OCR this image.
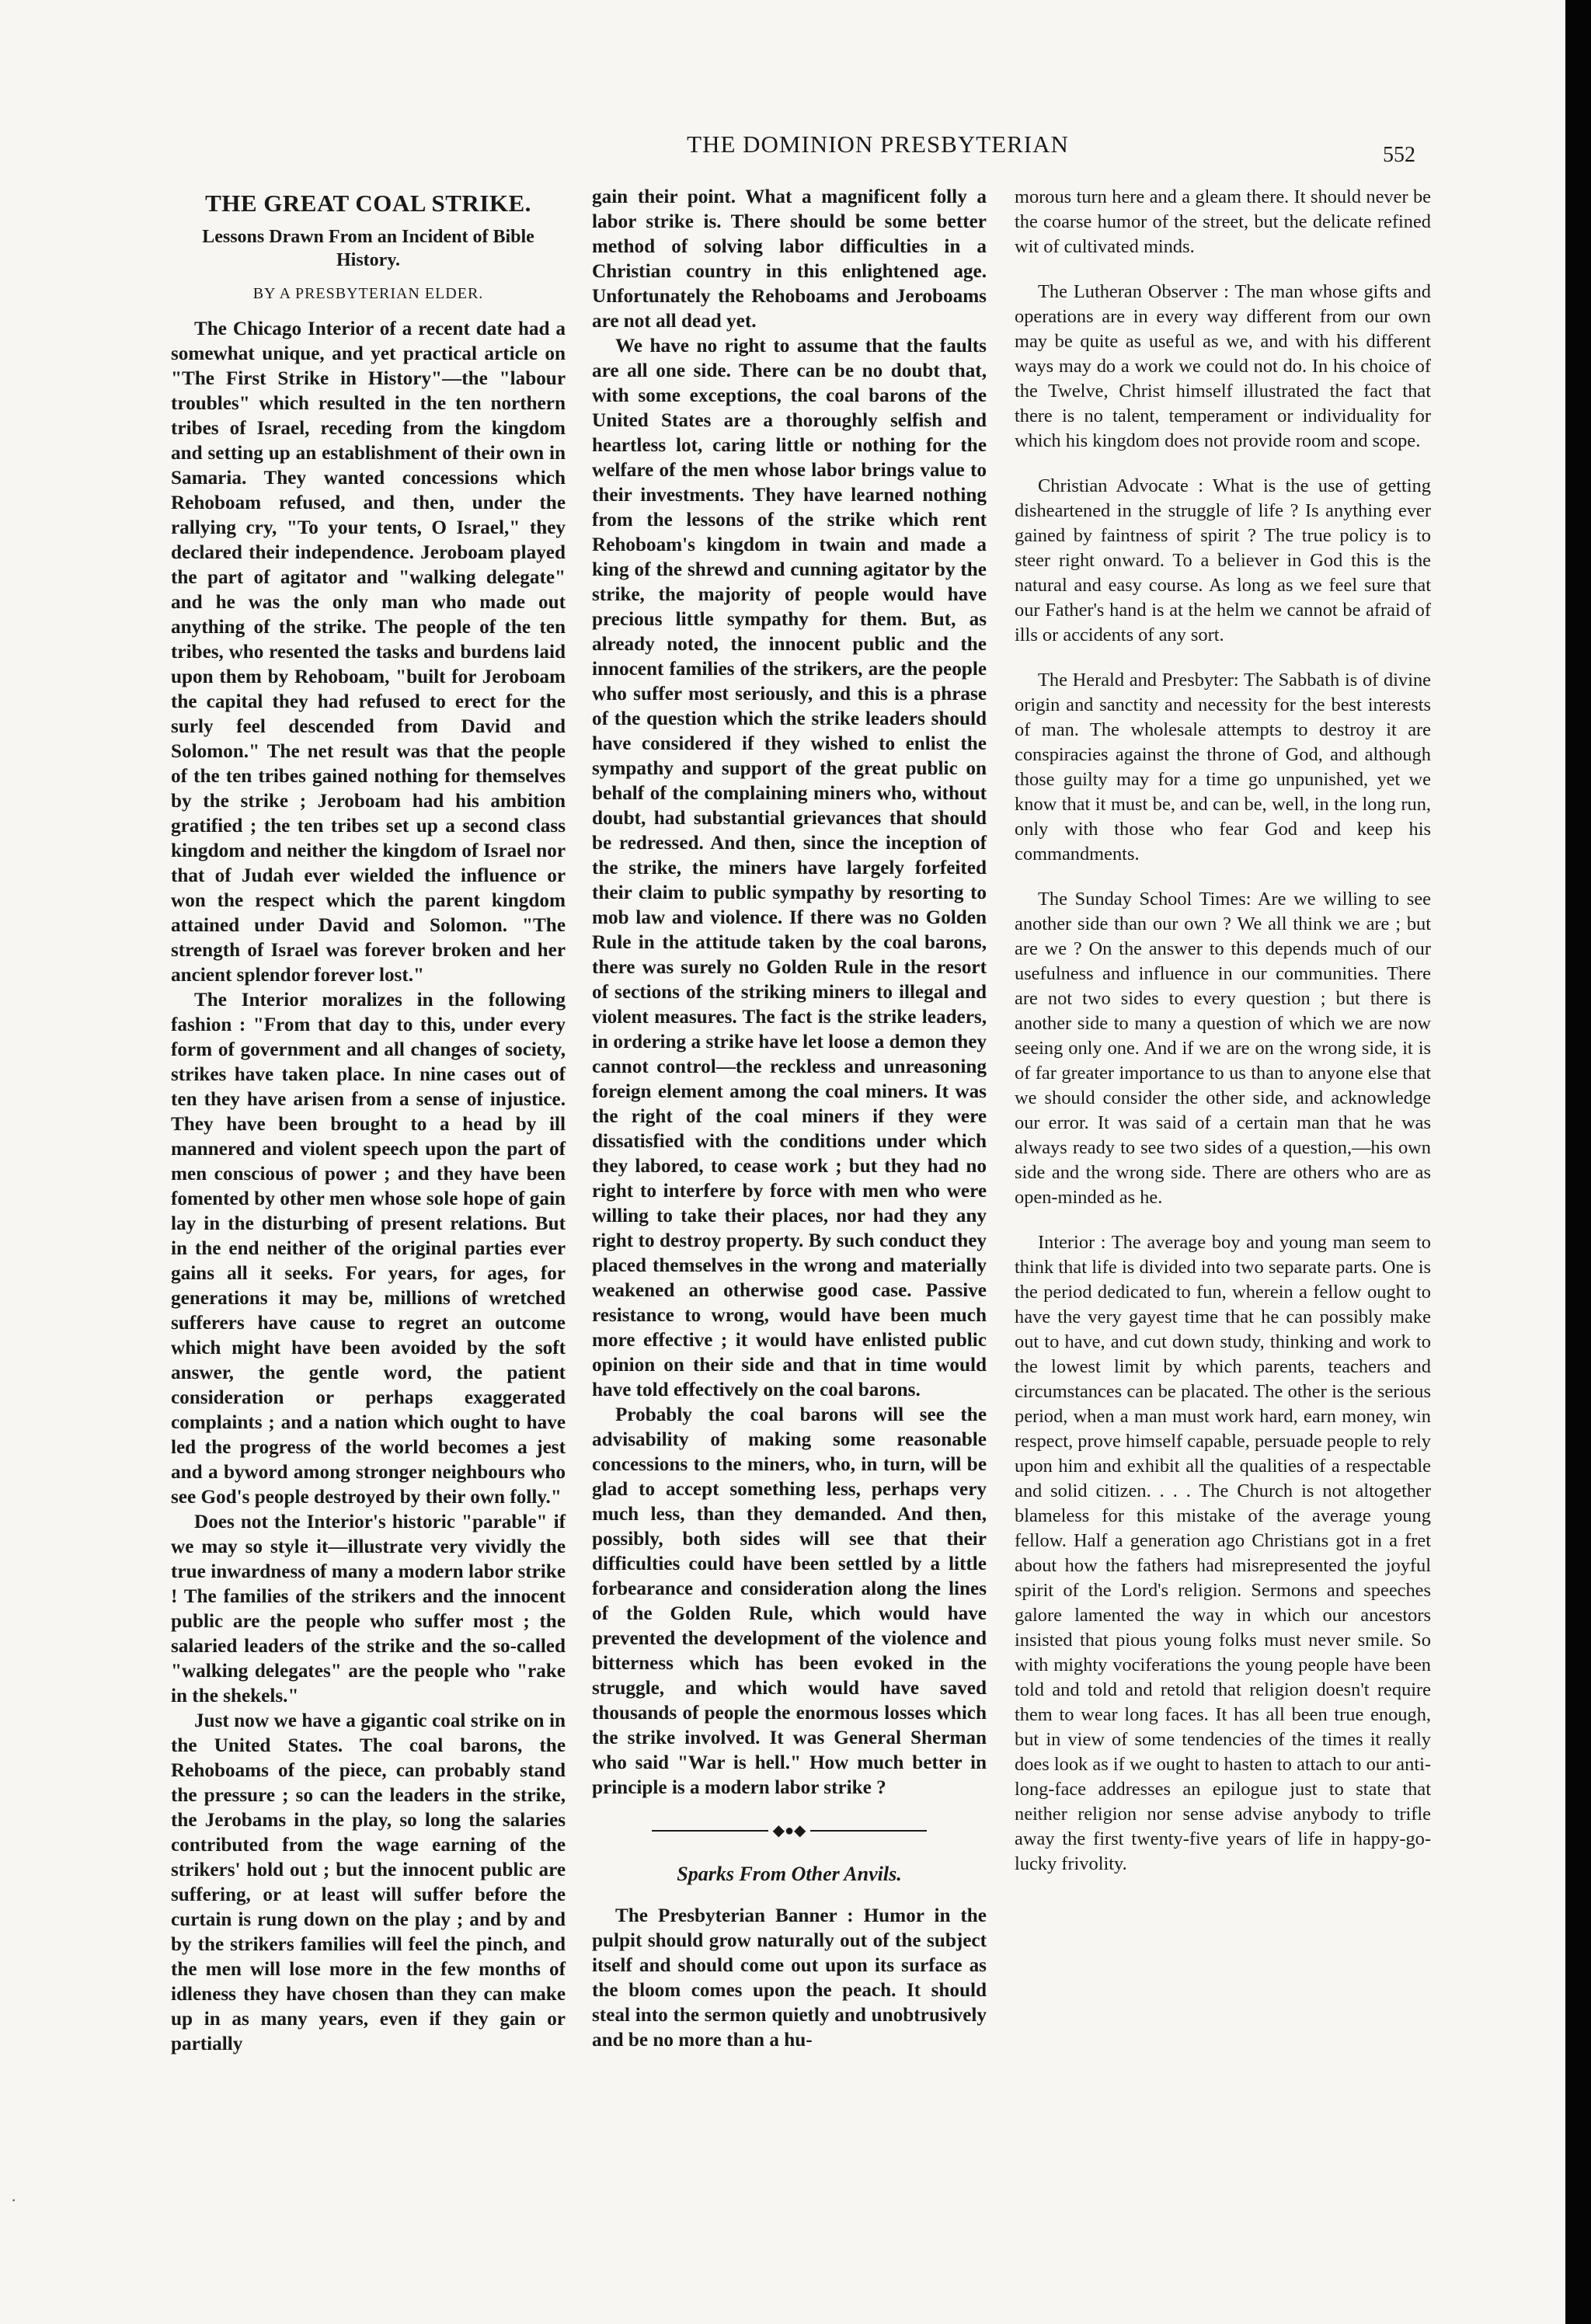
THE DOMINION PRESBYTERIAN	552
THE GREAT COAL STRIKE.
Lessons Drawn From an Incident of Bible History.
BY A PRESBYTERIAN ELDER.

The Chicago Interior of a recent date had a somewhat unique, and yet practical article on "The First Strike in History"—the "labour troubles" which resulted in the ten northern tribes of Israel, receding from the kingdom and setting up an establishment of their own in Samaria. They wanted concessions which Rehoboam refused, and then, under the rallying cry, "To your tents, O Israel," they declared their independence. Jeroboam played the part of agitator and "walking delegate" and he was the only man who made out anything of the strike. The people of the ten tribes, who resented the tasks and burdens laid upon them by Rehoboam, "built for Jeroboam the capital they had refused to erect for the surly feel descended from David and Solomon." The net result was that the people of the ten tribes gained nothing for themselves by the strike ; Jeroboam had his ambition gratified ; the ten tribes set up a second class kingdom and neither the kingdom of Israel nor that of Judah ever wielded the influence or won the respect which the parent kingdom attained under David and Solomon. "The strength of Israel was forever broken and her ancient splendor forever lost."

The Interior moralizes in the following fashion : "From that day to this, under every form of government and all changes of society, strikes have taken place. In nine cases out of ten they have arisen from a sense of injustice. They have been brought to a head by ill mannered and violent speech upon the part of men conscious of power ; and they have been fomented by other men whose sole hope of gain lay in the disturbing of present relations. But in the end neither of the original parties ever gains all it seeks. For years, for ages, for generations it may be, millions of wretched sufferers have cause to regret an outcome which might have been avoided by the soft answer, the gentle word, the patient consideration or perhaps exaggerated complaints ; and a nation which ought to have led the progress of the world becomes a jest and a byword among stronger neighbours who see God's people destroyed by their own folly."

Does not the Interior's historic "parable" if we may so style it—illustrate very vividly the true inwardness of many a modern labor strike ! The families of the strikers and the innocent public are the people who suffer most ; the salaried leaders of the strike and the so-called "walking delegates" are the people who "rake in the shekels."

Just now we have a gigantic coal strike on in the United States. The coal barons, the Rehoboams of the piece, can probably stand the pressure ; so can the leaders in the strike, the Jerobams in the play, so long the salaries contributed from the wage earning of the strikers' hold out ; but the innocent public are suffering, or at least will suffer before the curtain is rung down on the play ; and by and by the strikers families will feel the pinch, and the men will lose more in the few months of idleness they have chosen than they can make up in as many years, even if they gain or partially

gain their point. What a magnificent folly a labor strike is. There should be some better method of solving labor difficulties in a Christian country in this enlightened age. Unfortunately the Rehoboams and Jeroboams are not all dead yet.

We have no right to assume that the faults are all one side. There can be no doubt that, with some exceptions, the coal barons of the United States are a thoroughly selfish and heartless lot, caring little or nothing for the welfare of the men whose labor brings value to their investments. They have learned nothing from the lessons of the strike which rent Rehoboam's kingdom in twain and made a king of the shrewd and cunning agitator by the strike, the majority of people would have precious little sympathy for them. But, as already noted, the innocent public and the innocent families of the strikers, are the people who suffer most seriously, and this is a phrase of the question which the strike leaders should have considered if they wished to enlist the sympathy and support of the great public on behalf of the complaining miners who, without doubt, had substantial grievances that should be redressed. And then, since the inception of the strike, the miners have largely forfeited their claim to public sympathy by resorting to mob law and violence. If there was no Golden Rule in the attitude taken by the coal barons, there was surely no Golden Rule in the resort of sections of the striking miners to illegal and violent measures. The fact is the strike leaders, in ordering a strike have let loose a demon they cannot control—the reckless and unreasoning foreign element among the coal miners. It was the right of the coal miners if they were dissatisfied with the conditions under which they labored, to cease work ; but they had no right to interfere by force with men who were willing to take their places, nor had they any right to destroy property. By such conduct they placed themselves in the wrong and materially weakened an otherwise good case. Passive resistance to wrong, would have been much more effective ; it would have enlisted public opinion on their side and that in time would have told effectively on the coal barons.

Probably the coal barons will see the advisability of making some reasonable concessions to the miners, who, in turn, will be glad to accept something less, perhaps very much less, than they demanded. And then, possibly, both sides will see that their difficulties could have been settled by a little forbearance and consideration along the lines of the Golden Rule, which would have prevented the development of the violence and bitterness which has been evoked in the struggle, and which would have saved thousands of people the enormous losses which the strike involved. It was General Sherman who said "War is hell." How much better in principle is a modern labor strike ?

◆●◆
Sparks From Other Anvils.

The Presbyterian Banner : Humor in the pulpit should grow naturally out of the subject itself and should come out upon its surface as the bloom comes upon the peach. It should steal into the sermon quietly and unobtrusively and be no more than a hu-

morous turn here and a gleam there. It should never be the coarse humor of the street, but the delicate refined wit of cultivated minds.

The Lutheran Observer : The man whose gifts and operations are in every way different from our own may be quite as useful as we, and with his different ways may do a work we could not do. In his choice of the Twelve, Christ himself illustrated the fact that there is no talent, temperament or individuality for which his kingdom does not provide room and scope.

Christian Advocate : What is the use of getting disheartened in the struggle of life ? Is anything ever gained by faintness of spirit ? The true policy is to steer right onward. To a believer in God this is the natural and easy course. As long as we feel sure that our Father's hand is at the helm we cannot be afraid of ills or accidents of any sort.

The Herald and Presbyter: The Sabbath is of divine origin and sanctity and necessity for the best interests of man. The wholesale attempts to destroy it are conspiracies against the throne of God, and although those guilty may for a time go unpunished, yet we know that it must be, and can be, well, in the long run, only with those who fear God and keep his commandments.

The Sunday School Times: Are we willing to see another side than our own ? We all think we are ; but are we ? On the answer to this depends much of our usefulness and influence in our communities. There are not two sides to every question ; but there is another side to many a question of which we are now seeing only one. And if we are on the wrong side, it is of far greater importance to us than to anyone else that we should consider the other side, and acknowledge our error. It was said of a certain man that he was always ready to see two sides of a question,—his own side and the wrong side. There are others who are as open-minded as he.

Interior : The average boy and young man seem to think that life is divided into two separate parts. One is the period dedicated to fun, wherein a fellow ought to have the very gayest time that he can possibly make out to have, and cut down study, thinking and work to the lowest limit by which parents, teachers and circumstances can be placated. The other is the serious period, when a man must work hard, earn money, win respect, prove himself capable, persuade people to rely upon him and exhibit all the qualities of a respectable and solid citizen. . . . The Church is not altogether blameless for this mistake of the average young fellow. Half a generation ago Christians got in a fret about how the fathers had misrepresented the joyful spirit of the Lord's religion. Sermons and speeches galore lamented the way in which our ancestors insisted that pious young folks must never smile. So with mighty vociferations the young people have been told and told and retold that religion doesn't require them to wear long faces. It has all been true enough, but in view of some tendencies of the times it really does look as if we ought to hasten to attach to our anti-long-face addresses an epilogue just to state that neither religion nor sense advise anybody to trifle away the first twenty-five years of life in happy-go-lucky frivolity.

·
